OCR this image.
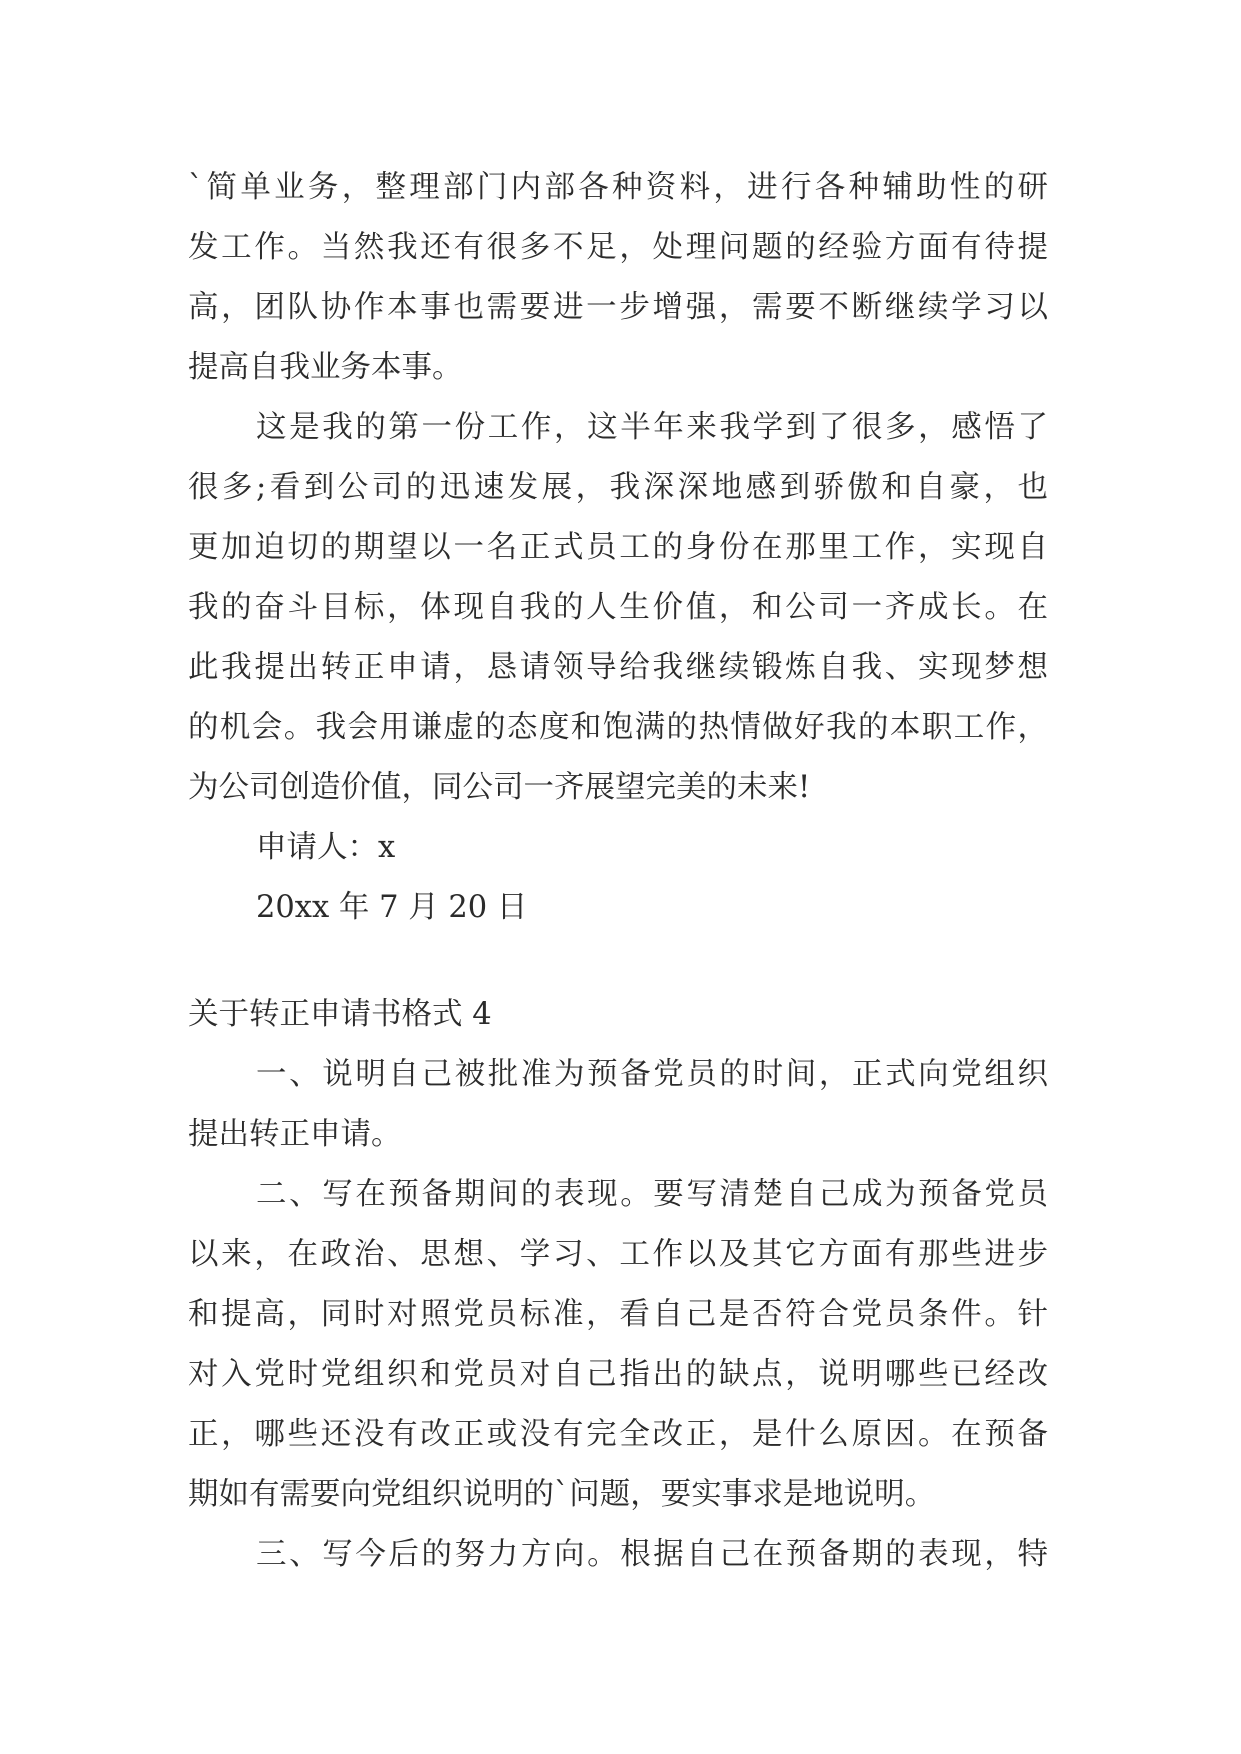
`简单业务，整理部门内部各种资料，进行各种辅助性的研

发工作。当然我还有很多不足，处理问题的经验方面有待提

高，团队协作本事也需要进一步增强，需要不断继续学习以

提高自我业务本事。

这是我的第一份工作，这半年来我学到了很多，感悟了

很多;看到公司的迅速发展，我深深地感到骄傲和自豪，也

更加迫切的期望以一名正式员工的身份在那里工作，实现自

我的奋斗目标，体现自我的人生价值，和公司一齐成长。在

此我提出转正申请，恳请领导给我继续锻炼自我、实现梦想

的机会。我会用谦虚的态度和饱满的热情做好我的本职工作，

为公司创造价值，同公司一齐展望完美的未来!

申请人：x

20xx 年 7 月 20 日

关于转正申请书格式 4

一、说明自己被批准为预备党员的时间，正式向党组织

提出转正申请。

二、写在预备期间的表现。要写清楚自己成为预备党员

以来，在政治、思想、学习、工作以及其它方面有那些进步

和提高，同时对照党员标准，看自己是否符合党员条件。针

对入党时党组织和党员对自己指出的缺点，说明哪些已经改

正，哪些还没有改正或没有完全改正，是什么原因。在预备

期如有需要向党组织说明的`问题，要实事求是地说明。

三、写今后的努力方向。根据自己在预备期的表现，特
